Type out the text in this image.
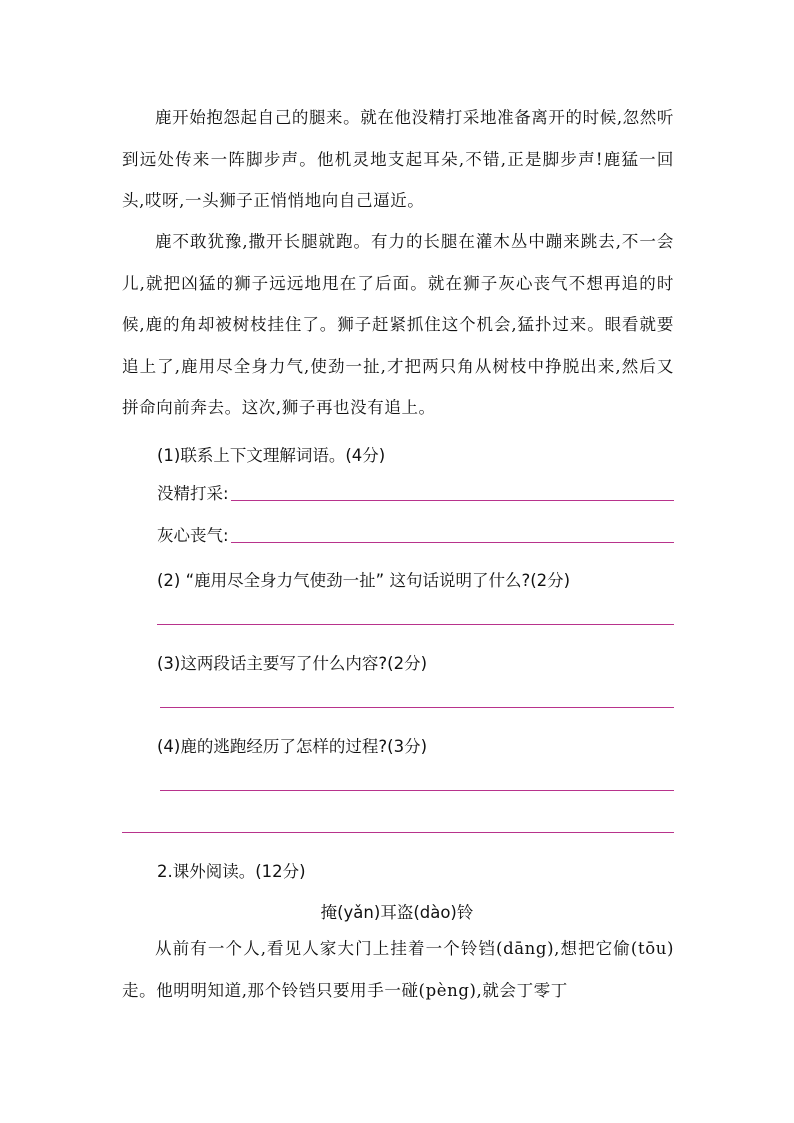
鹿开始抱怨起自己的腿来。就在他没精打采地准备离开的时候,忽然听到远处传来一阵脚步声。他机灵地支起耳朵,不错,正是脚步声!鹿猛一回头,哎呀,一头狮子正悄悄地向自己逼近。
鹿不敢犹豫,撒开长腿就跑。有力的长腿在灌木丛中蹦来跳去,不一会儿,就把凶猛的狮子远远地甩在了后面。就在狮子灰心丧气不想再追的时候,鹿的角却被树枝挂住了。狮子赶紧抓住这个机会,猛扑过来。眼看就要追上了,鹿用尽全身力气,使劲一扯,才把两只角从树枝中挣脱出来,然后又拼命向前奔去。这次,狮子再也没有追上。
(1)联系上下文理解词语。(4分)
没精打采:
灰心丧气:
(2) “鹿用尽全身力气使劲一扯” 这句话说明了什么?(2分)
(3)这两段话主要写了什么内容?(2分)
(4)鹿的逃跑经历了怎样的过程?(3分)
2.课外阅读。(12分)
掩(yǎn)耳盗(dào)铃
从前有一个人,看见人家大门上挂着一个铃铛(dāng),想把它偷(tōu)走。他明明知道,那个铃铛只要用手一碰(pèng),就会丁零丁
